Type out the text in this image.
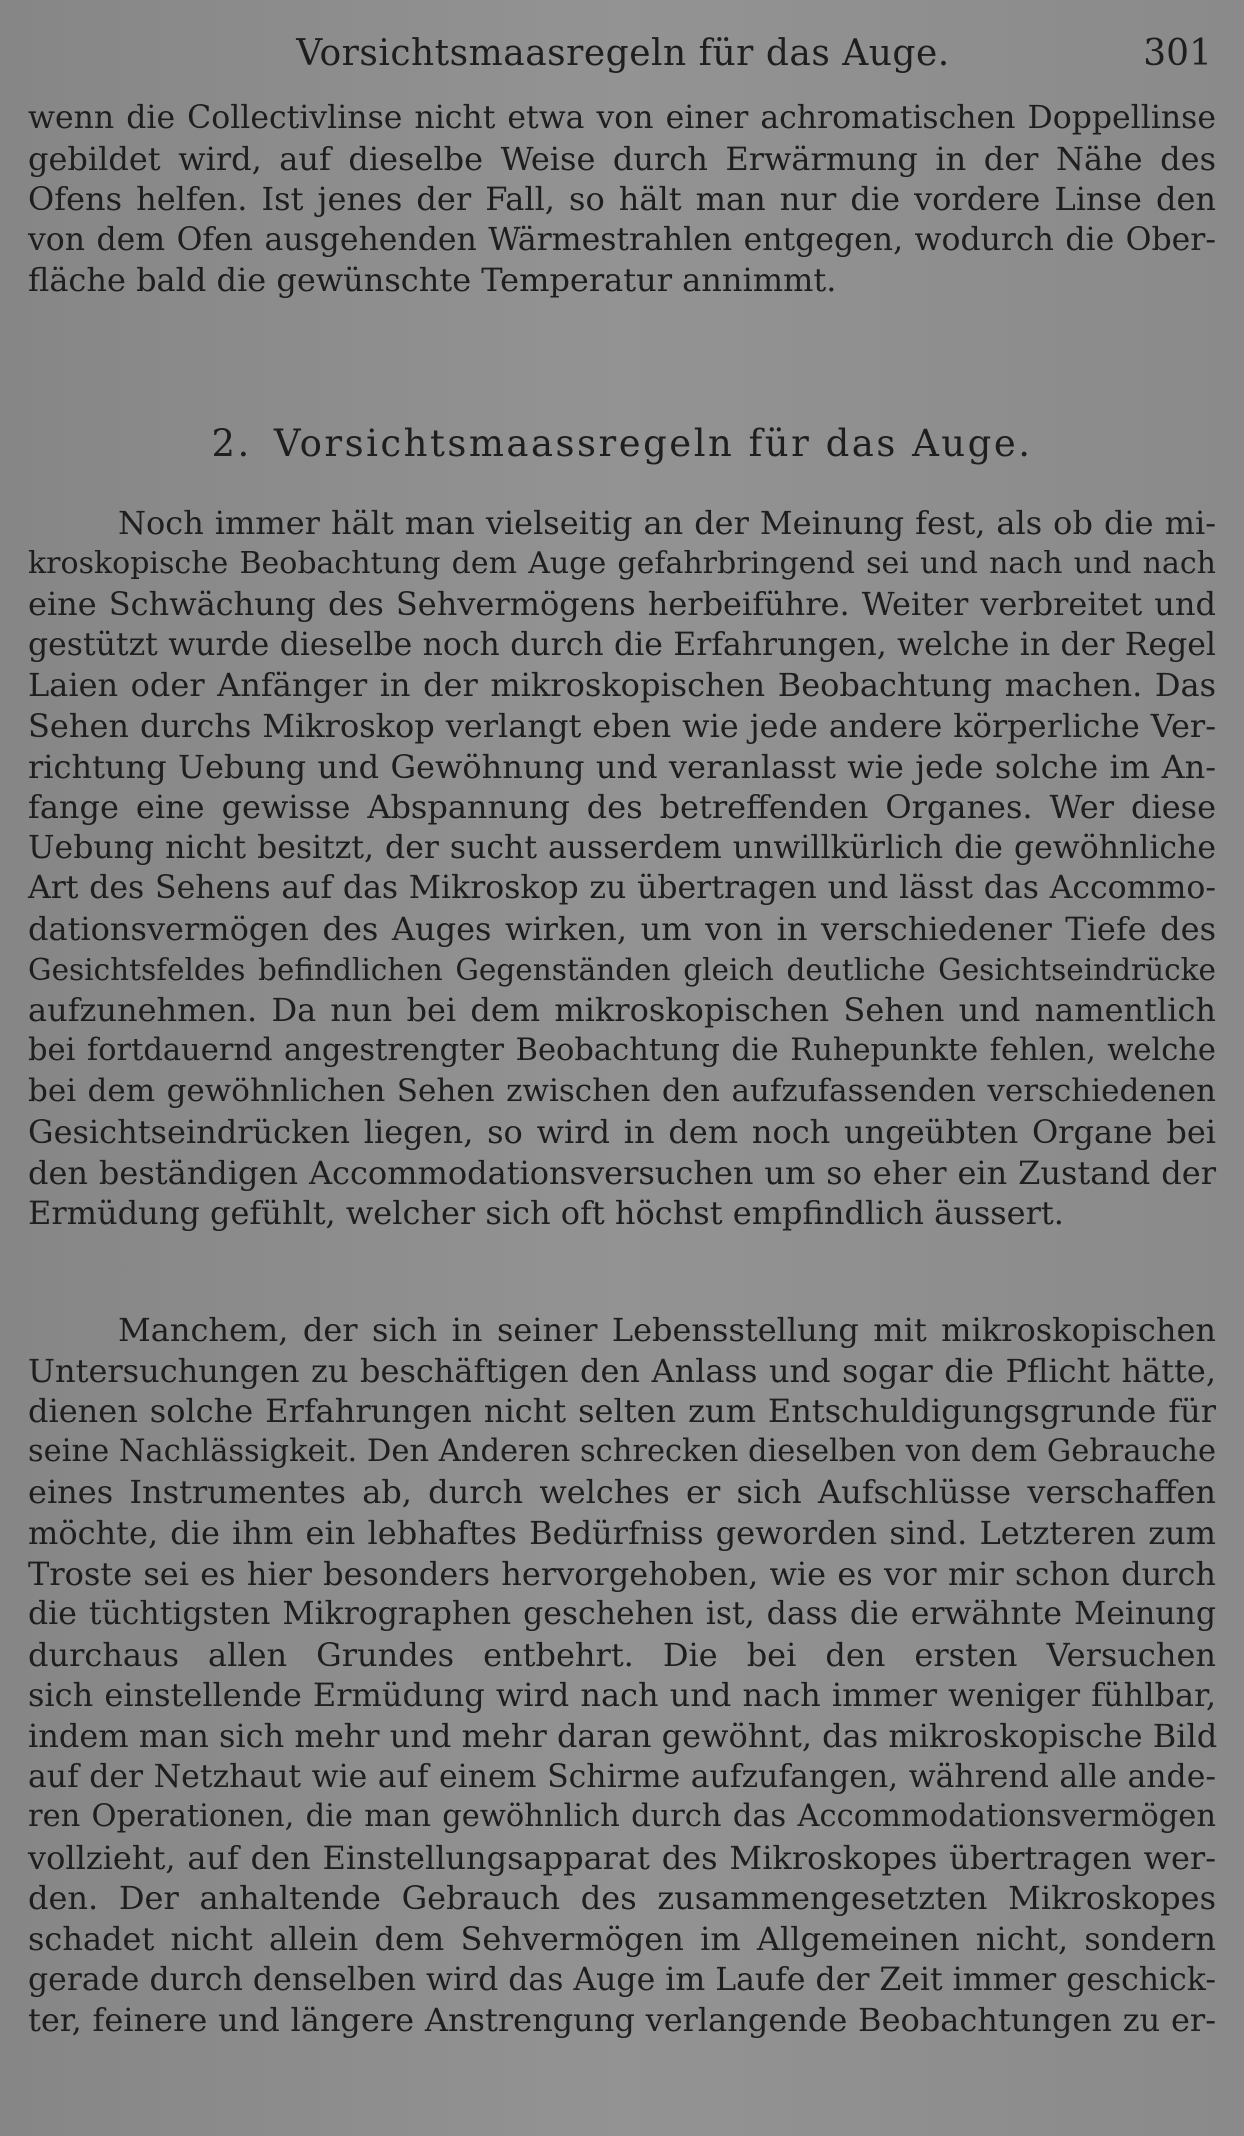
Vorsichtsmaasregeln für das Auge.	301
wenn die Collectivlinse nicht etwa von einer achromatischen Doppellinse
gebildet wird, auf dieselbe Weise durch Erwärmung in der Nähe des
Ofens helfen. Ist jenes der Fall, so hält man nur die vordere Linse den
von dem Ofen ausgehenden Wärmestrahlen entgegen, wodurch die Ober-
fläche bald die gewünschte Temperatur annimmt.
2. Vorsichtsmaassregeln für das Auge.
Noch immer hält man vielseitig an der Meinung fest, als ob die mi-
kroskopische Beobachtung dem Auge gefahrbringend sei und nach und nach
eine Schwächung des Sehvermögens herbeiführe. Weiter verbreitet und
gestützt wurde dieselbe noch durch die Erfahrungen, welche in der Regel
Laien oder Anfänger in der mikroskopischen Beobachtung machen. Das
Sehen durchs Mikroskop verlangt eben wie jede andere körperliche Ver-
richtung Uebung und Gewöhnung und veranlasst wie jede solche im An-
fange eine gewisse Abspannung des betreffenden Organes. Wer diese
Uebung nicht besitzt, der sucht ausserdem unwillkürlich die gewöhnliche
Art des Sehens auf das Mikroskop zu übertragen und lässt das Accommo-
dationsvermögen des Auges wirken, um von in verschiedener Tiefe des
Gesichtsfeldes befindlichen Gegenständen gleich deutliche Gesichtseindrücke
aufzunehmen. Da nun bei dem mikroskopischen Sehen und namentlich
bei fortdauernd angestrengter Beobachtung die Ruhepunkte fehlen, welche
bei dem gewöhnlichen Sehen zwischen den aufzufassenden verschiedenen
Gesichtseindrücken liegen, so wird in dem noch ungeübten Organe bei
den beständigen Accommodationsversuchen um so eher ein Zustand der
Ermüdung gefühlt, welcher sich oft höchst empfindlich äussert.
Manchem, der sich in seiner Lebensstellung mit mikroskopischen
Untersuchungen zu beschäftigen den Anlass und sogar die Pflicht hätte,
dienen solche Erfahrungen nicht selten zum Entschuldigungsgrunde für
seine Nachlässigkeit. Den Anderen schrecken dieselben von dem Gebrauche
eines Instrumentes ab, durch welches er sich Aufschlüsse verschaffen
möchte, die ihm ein lebhaftes Bedürfniss geworden sind. Letzteren zum
Troste sei es hier besonders hervorgehoben, wie es vor mir schon durch
die tüchtigsten Mikrographen geschehen ist, dass die erwähnte Meinung
durchaus allen Grundes entbehrt. Die bei den ersten Versuchen
sich einstellende Ermüdung wird nach und nach immer weniger fühlbar,
indem man sich mehr und mehr daran gewöhnt, das mikroskopische Bild
auf der Netzhaut wie auf einem Schirme aufzufangen, während alle ande-
ren Operationen, die man gewöhnlich durch das Accommodationsvermögen
vollzieht, auf den Einstellungsapparat des Mikroskopes übertragen wer-
den. Der anhaltende Gebrauch des zusammengesetzten Mikroskopes
schadet nicht allein dem Sehvermögen im Allgemeinen nicht, sondern
gerade durch denselben wird das Auge im Laufe der Zeit immer geschick-
ter, feinere und längere Anstrengung verlangende Beobachtungen zu er-
